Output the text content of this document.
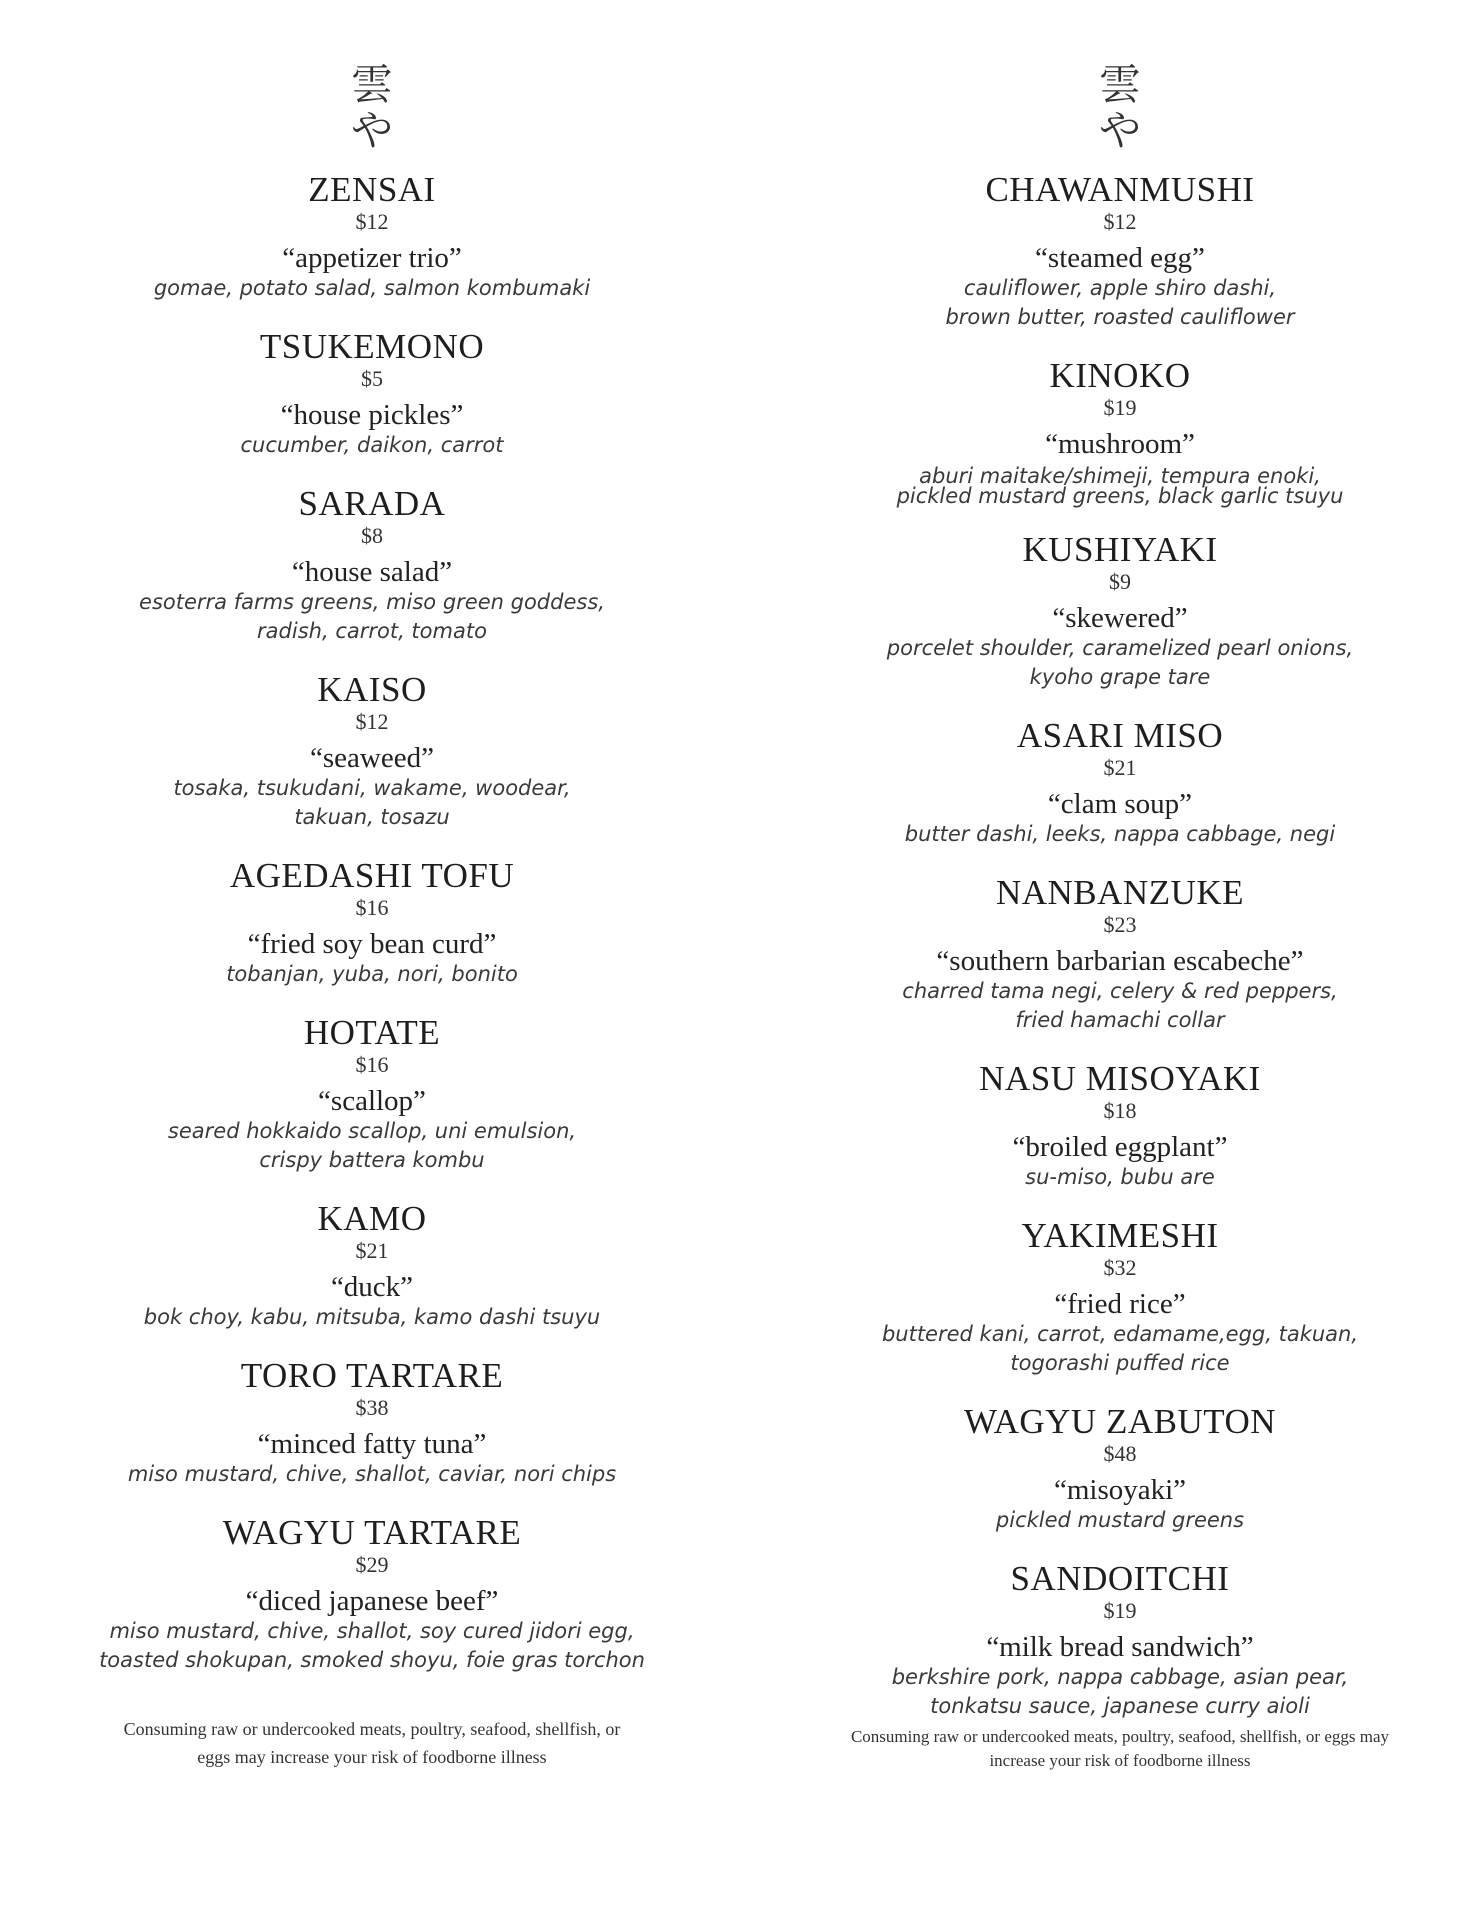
雲
や
ZENSAI
$12
“appetizer trio”
gomae, potato salad, salmon kombumaki
TSUKEMONO
$5
“house pickles”
cucumber, daikon, carrot
SARADA
$8
“house salad”
esoterra farms greens, miso green goddess,
radish, carrot, tomato
KAISO
$12
“seaweed”
tosaka, tsukudani, wakame, woodear,
takuan, tosazu
AGEDASHI TOFU
$16
“fried soy bean curd”
tobanjan, yuba, nori, bonito
HOTATE
$16
“scallop”
seared hokkaido scallop, uni emulsion,
crispy battera kombu
KAMO
$21
“duck”
bok choy, kabu, mitsuba, kamo dashi tsuyu
TORO TARTARE
$38
“minced fatty tuna”
miso mustard, chive, shallot, caviar, nori chips
WAGYU TARTARE
$29
“diced japanese beef”
miso mustard, chive, shallot, soy cured jidori egg,
toasted shokupan, smoked shoyu, foie gras torchon
Consuming raw or undercooked meats, poultry, seafood, shellfish, or
eggs may increase your risk of foodborne illness
雲
や
CHAWANMUSHI
$12
“steamed egg”
cauliflower, apple shiro dashi,
brown butter, roasted cauliflower
KINOKO
$19
“mushroom”
aburi maitake/shimeji, tempura enoki,
pickled mustard greens, black garlic tsuyu
KUSHIYAKI
$9
“skewered”
porcelet shoulder, caramelized pearl onions,
kyoho grape tare
ASARI MISO
$21
“clam soup”
butter dashi, leeks, nappa cabbage, negi
NANBANZUKE
$23
“southern barbarian escabeche”
charred tama negi, celery & red peppers,
fried hamachi collar
NASU MISOYAKI
$18
“broiled eggplant”
su-miso, bubu are
YAKIMESHI
$32
“fried rice”
buttered kani, carrot, edamame,egg, takuan,
togorashi puffed rice
WAGYU ZABUTON
$48
“misoyaki”
pickled mustard greens
SANDOITCHI
$19
“milk bread sandwich”
berkshire pork, nappa cabbage, asian pear,
tonkatsu sauce, japanese curry aioli
Consuming raw or undercooked meats, poultry, seafood, shellfish, or eggs may
increase your risk of foodborne illness
